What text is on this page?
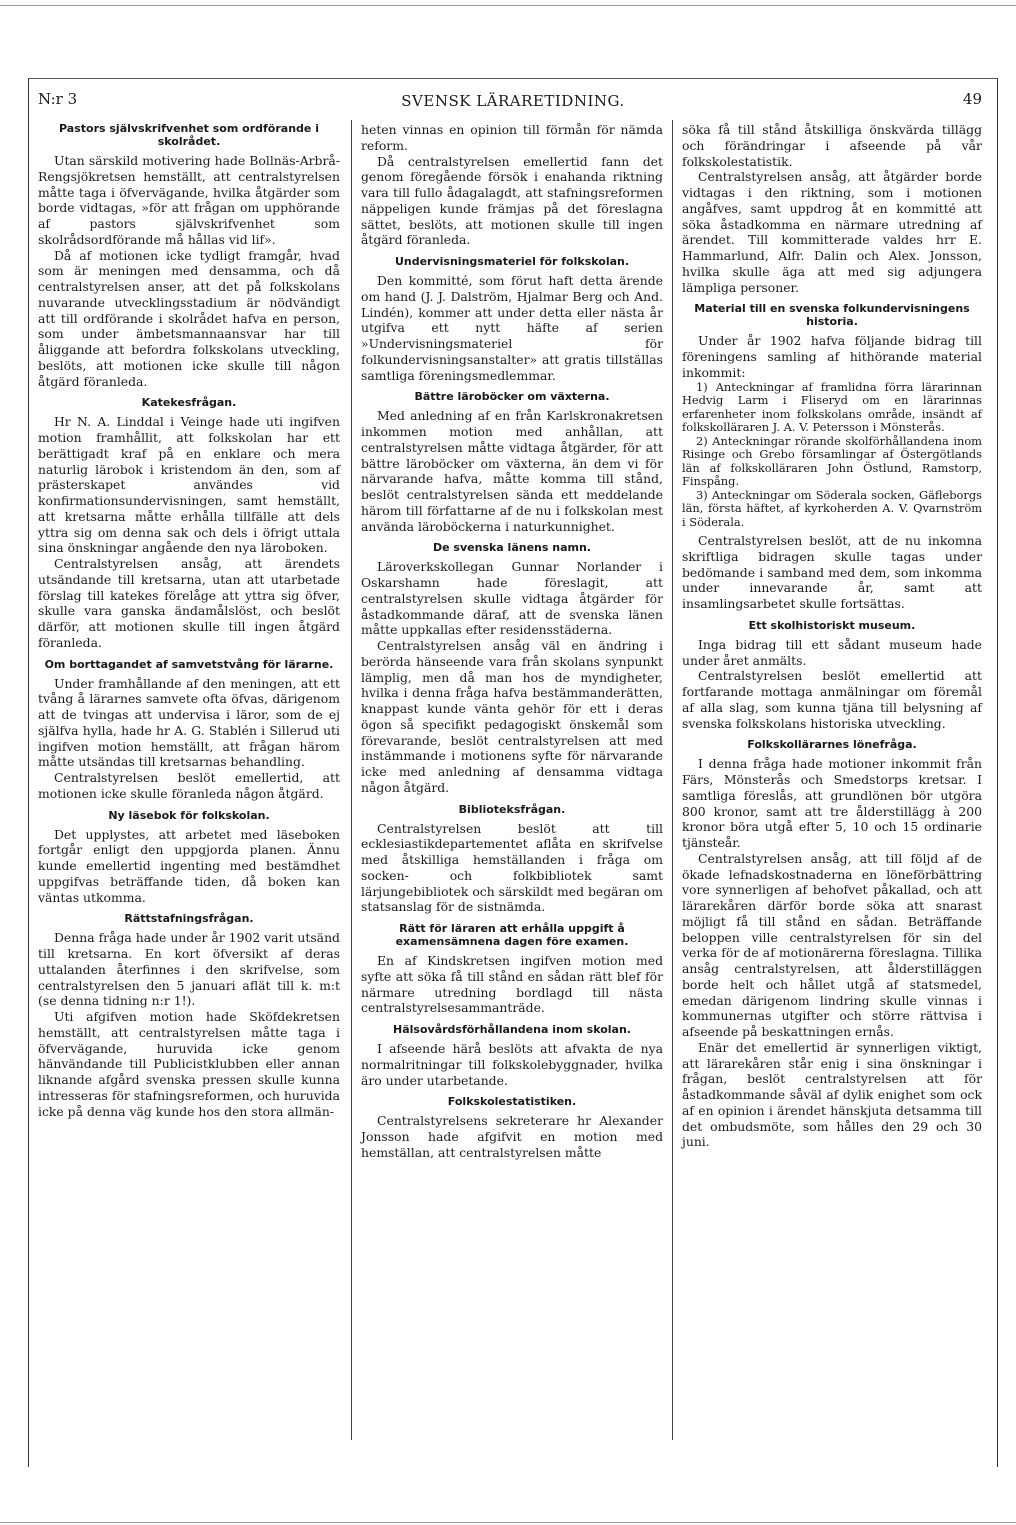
N:r 3	SVENSK LÄRARETIDNING.	49
Pastors självskrifvenhet som ordförande i skolrådet.

Utan särskild motivering hade Bollnäs-Arbrå-Rengsjökretsen hemställt, att centralstyrelsen måtte taga i öfvervägande, hvilka åtgärder som borde vidtagas, »för att frågan om upphörande af pastors självskrifvenhet som skolrådsordförande må hållas vid lif».

Då af motionen icke tydligt framgår, hvad som är meningen med densamma, och då centralstyrelsen anser, att det på folkskolans nuvarande utvecklingsstadium är nödvändigt att till ordförande i skolrådet hafva en person, som under ämbetsmannaansvar har till åliggande att befordra folkskolans utveckling, beslöts, att motionen icke skulle till någon åtgärd föranleda.

Katekesfrågan.

Hr N. A. Linddal i Veinge hade uti ingifven motion framhållit, att folkskolan har ett berättigadt kraf på en enklare och mera naturlig lärobok i kristendom än den, som af prästerskapet användes vid konfirmationsundervisningen, samt hemställt, att kretsarna måtte erhålla tillfälle att dels yttra sig om denna sak och dels i öfrigt uttala sina önskningar angående den nya läroboken.

Centralstyrelsen ansåg, att ärendets utsändande till kretsarna, utan att utarbetade förslag till katekes förelåge att yttra sig öfver, skulle vara ganska ändamålslöst, och beslöt därför, att motionen skulle till ingen åtgärd föranleda.

Om borttagandet af samvetstvång för lärarne.

Under framhållande af den meningen, att ett tvång å lärarnes samvete ofta öfvas, därigenom att de tvingas att undervisa i läror, som de ej själfva hylla, hade hr A. G. Stablén i Sillerud uti ingifven motion hemställt, att frågan härom måtte utsändas till kretsarnas behandling.

Centralstyrelsen beslöt emellertid, att motionen icke skulle föranleda någon åtgärd.

Ny läsebok för folkskolan.

Det upplystes, att arbetet med läseboken fortgår enligt den uppgjorda planen. Ännu kunde emellertid ingenting med bestämdhet uppgifvas beträffande tiden, då boken kan väntas utkomma.

Rättstafningsfrågan.

Denna fråga hade under år 1902 varit utsänd till kretsarna. En kort öfversikt af deras uttalanden återfinnes i den skrifvelse, som centralstyrelsen den 5 januari aflät till k. m:t (se denna tidning n:r 1!).

Uti afgifven motion hade Sköfdekretsen hemställt, att centralstyrelsen måtte taga i öfvervägande, huruvida icke genom hänvändande till Publicistklubben eller annan liknande afgård svenska pressen skulle kunna intresseras för stafningsreformen, och huruvida icke på denna väg kunde hos den stora allmän-

heten vinnas en opinion till förmån för nämda reform.

Då centralstyrelsen emellertid fann det genom föregående försök i enahanda riktning vara till fullo ådagalagdt, att stafningsreformen näppeligen kunde främjas på det föreslagna sättet, beslöts, att motionen skulle till ingen åtgärd föranleda.

Undervisningsmateriel för folkskolan.

Den kommitté, som förut haft detta ärende om hand (J. J. Dalström, Hjalmar Berg och And. Lindén), kommer att under detta eller nästa år utgifva ett nytt häfte af serien »Undervisningsmateriel för folkundervisningsanstalter» att gratis tillställas samtliga föreningsmedlemmar.

Bättre läroböcker om växterna.

Med anledning af en från Karlskronakretsen inkommen motion med anhållan, att centralstyrelsen måtte vidtaga åtgärder, för att bättre läroböcker om växterna, än dem vi för närvarande hafva, måtte komma till stånd, beslöt centralstyrelsen sända ett meddelande härom till författarne af de nu i folkskolan mest använda läroböckerna i naturkunnighet.

De svenska länens namn.

Läroverkskollegan Gunnar Norlander i Oskarshamn hade föreslagit, att centralstyrelsen skulle vidtaga åtgärder för åstadkommande däraf, att de svenska länen måtte uppkallas efter residensstäderna.

Centralstyrelsen ansåg väl en ändring i berörda hänseende vara från skolans synpunkt lämplig, men då man hos de myndigheter, hvilka i denna fråga hafva bestämmanderätten, knappast kunde vänta gehör för ett i deras ögon så specifikt pedagogiskt önskemål som förevarande, beslöt centralstyrelsen att med instämmande i motionens syfte för närvarande icke med anledning af densamma vidtaga någon åtgärd.

Biblioteksfrågan.

Centralstyrelsen beslöt att till ecklesiastikdepartementet aflåta en skrifvelse med åtskilliga hemställanden i fråga om socken- och folkbibliotek samt lärjungebibliotek och särskildt med begäran om statsanslag för de sistnämda.

Rätt för läraren att erhålla uppgift å examensämnena dagen före examen.

En af Kindskretsen ingifven motion med syfte att söka få till stånd en sådan rätt blef för närmare utredning bordlagd till nästa centralstyrelsesammanträde.

Hälsovårdsförhållandena inom skolan.

I afseende härå beslöts att afvakta de nya normalritningar till folkskolebyggnader, hvilka äro under utarbetande.

Folkskolestatistiken.

Centralstyrelsens sekreterare hr Alexander Jonsson hade afgifvit en motion med hemställan, att centralstyrelsen måtte

söka få till stånd åtskilliga önskvärda tillägg och förändringar i afseende på vår folkskolestatistik.

Centralstyrelsen ansåg, att åtgärder borde vidtagas i den riktning, som i motionen angåfves, samt uppdrog åt en kommitté att söka åstadkomma en närmare utredning af ärendet. Till kommitterade valdes hrr E. Hammarlund, Alfr. Dalin och Alex. Jonsson, hvilka skulle äga att med sig adjungera lämpliga personer.

Material till en svenska folkundervisningens historia.

Under år 1902 hafva följande bidrag till föreningens samling af hithörande material inkommit:

1) Anteckningar af framlidna förra lärarinnan Hedvig Larm i Fliseryd om en lärarinnas erfarenheter inom folkskolans område, insändt af folkskolläraren J. A. V. Petersson i Mönsterås.
2) Anteckningar rörande skolförhållandena inom Risinge och Grebo församlingar af Östergötlands län af folkskolläraren John Östlund, Ramstorp, Finspång.
3) Anteckningar om Söderala socken, Gäfleborgs län, första häftet, af kyrkoherden A. V. Qvarnström i Söderala.

Centralstyrelsen beslöt, att de nu inkomna skriftliga bidragen skulle tagas under bedömande i samband med dem, som inkomma under innevarande år, samt att insamlingsarbetet skulle fortsättas.

Ett skolhistoriskt museum.

Inga bidrag till ett sådant museum hade under året anmälts.

Centralstyrelsen beslöt emellertid att fortfarande mottaga anmälningar om föremål af alla slag, som kunna tjäna till belysning af svenska folkskolans historiska utveckling.

Folkskollärarnes lönefråga.

I denna fråga hade motioner inkommit från Färs, Mönsterås och Smedstorps kretsar. I samtliga föreslås, att grundlönen bör utgöra 800 kronor, samt att tre ålderstillägg à 200 kronor böra utgå efter 5, 10 och 15 ordinarie tjänsteår.

Centralstyrelsen ansåg, att till följd af de ökade lefnadskostnaderna en löneförbättring vore synnerligen af behofvet påkallad, och att lärarekåren därför borde söka att snarast möjligt få till stånd en sådan. Beträffande beloppen ville centralstyrelsen för sin del verka för de af motionärerna föreslagna. Tillika ansåg centralstyrelsen, att ålderstilläggen borde helt och hållet utgå af statsmedel, emedan därigenom lindring skulle vinnas i kommunernas utgifter och större rättvisa i afseende på beskattningen ernås.

Enär det emellertid är synnerligen viktigt, att lärarekåren står enig i sina önskningar i frågan, beslöt centralstyrelsen att för åstadkommande såväl af dylik enighet som ock af en opinion i ärendet hänskjuta detsamma till det ombudsmöte, som hålles den 29 och 30 juni.
